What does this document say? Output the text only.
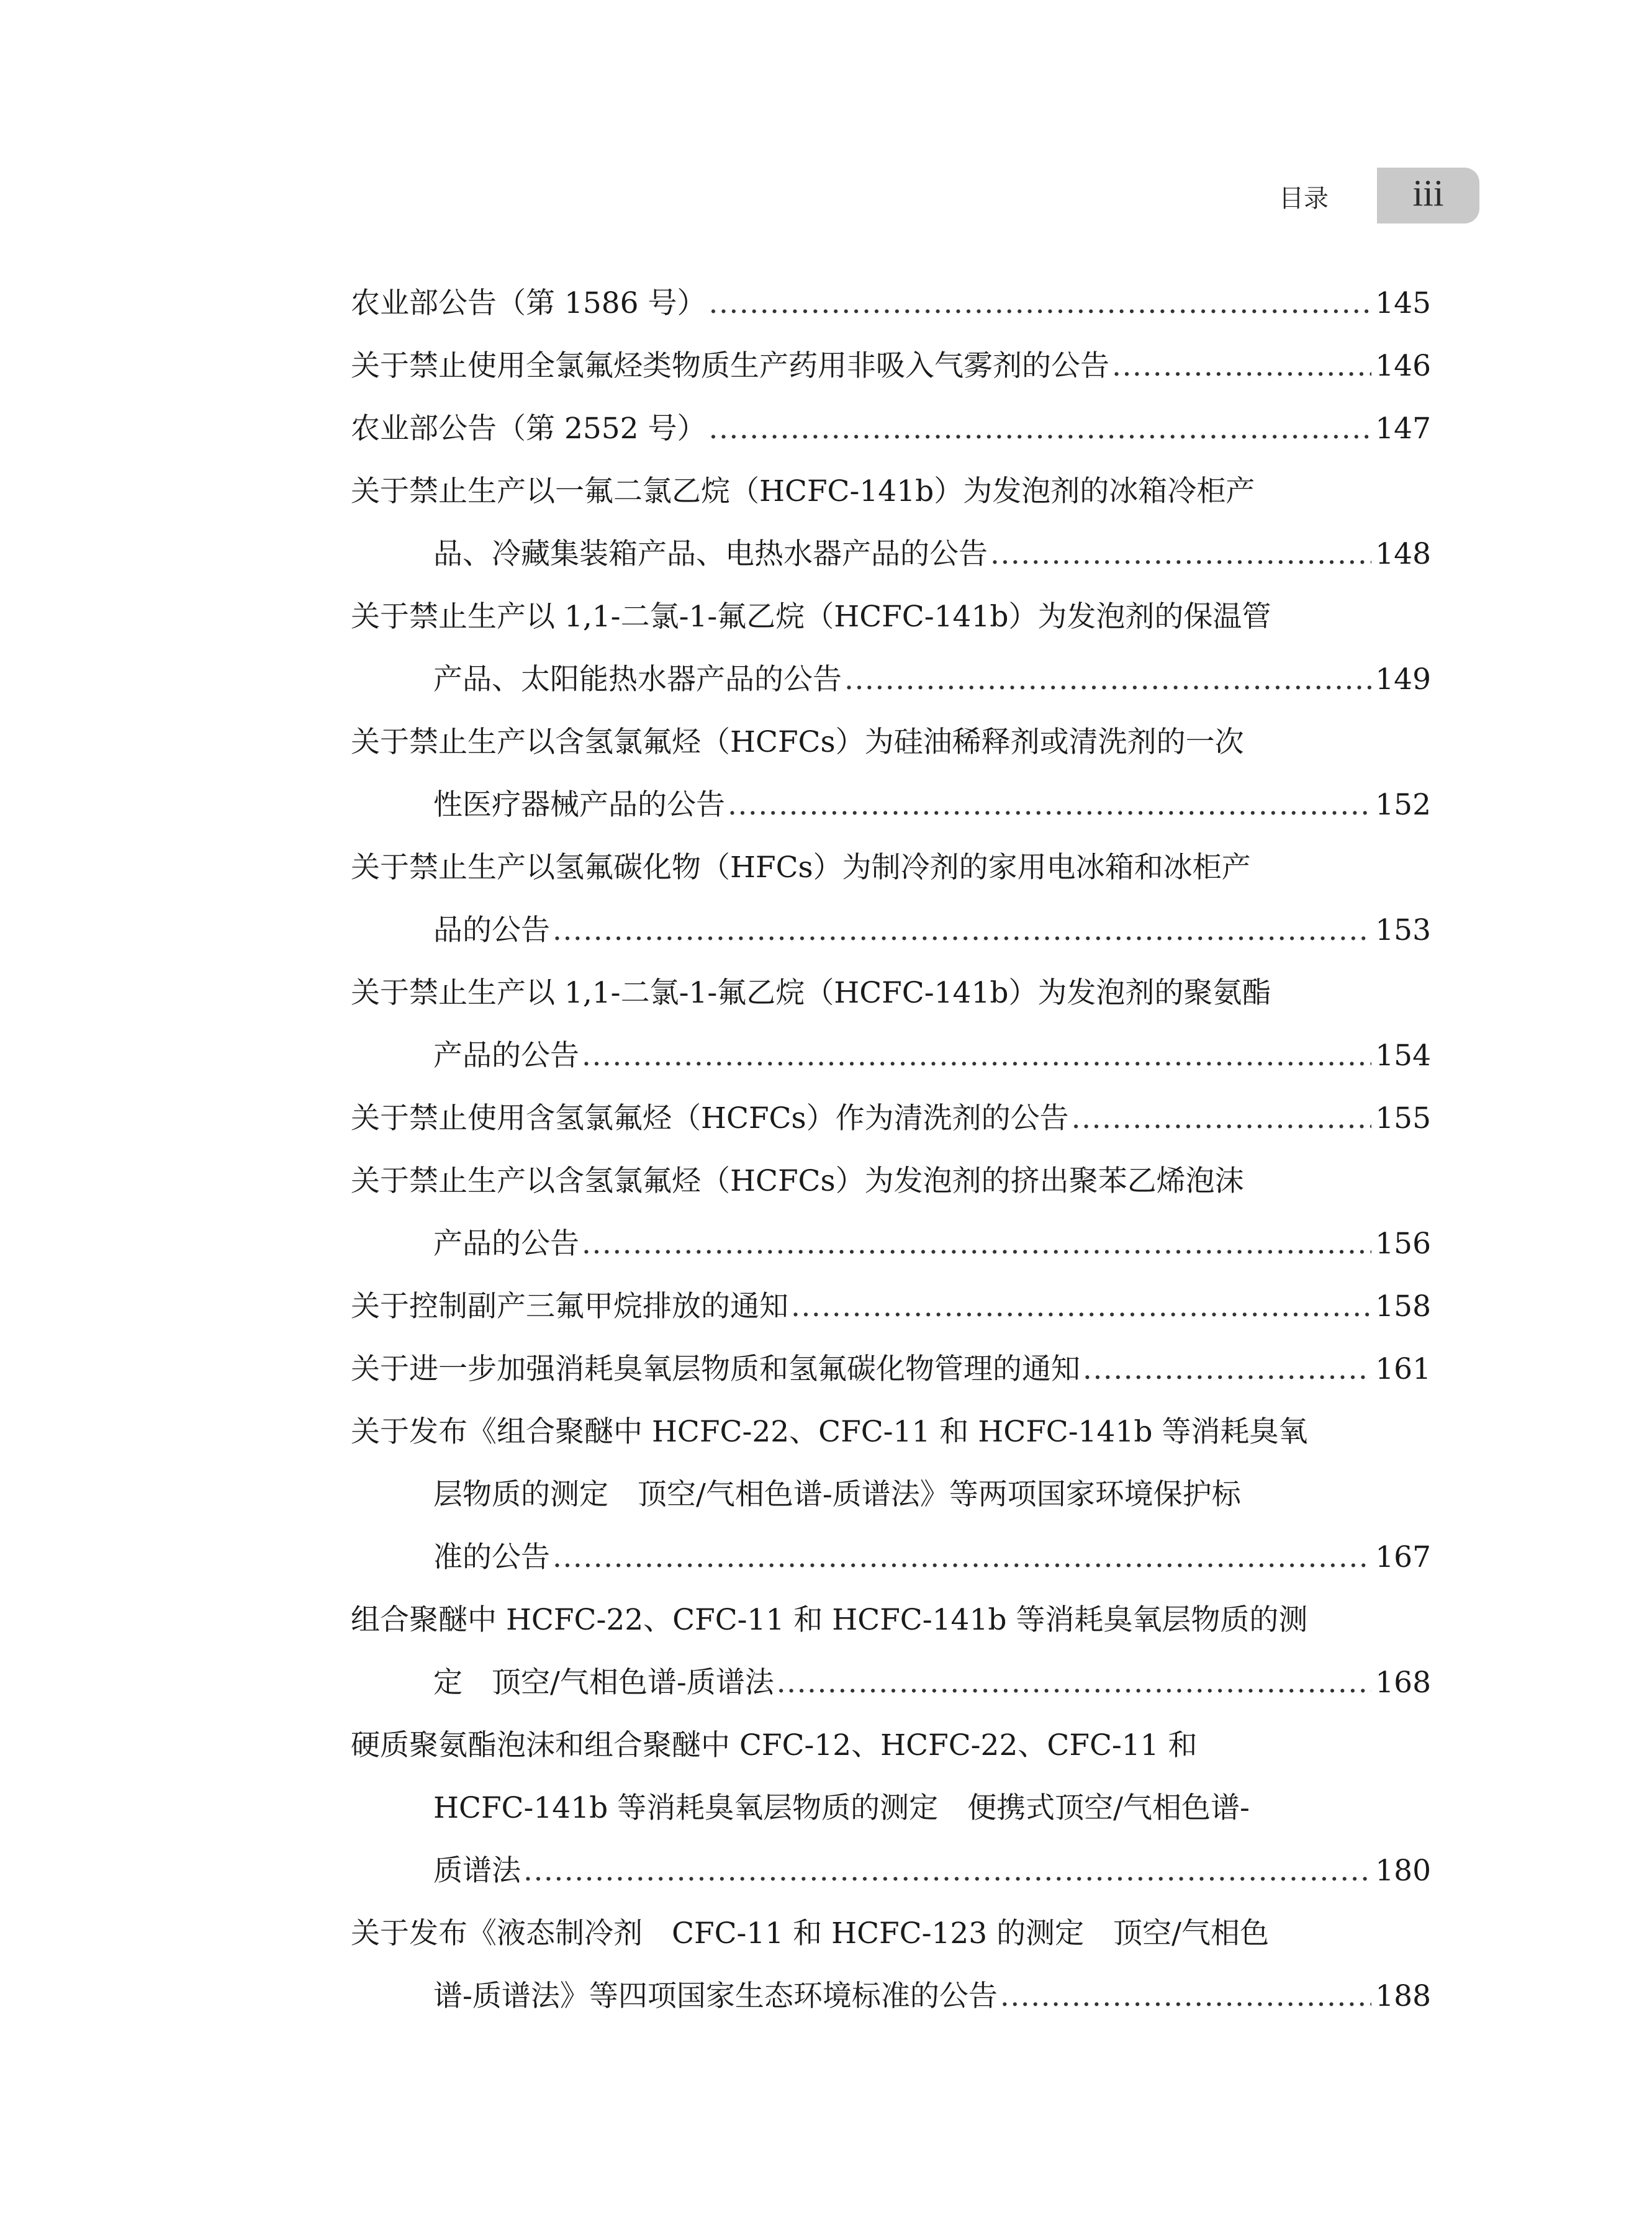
目录 iii
农业部公告（第 1586 号） .....	145
关于禁止使用全氯氟烃类物质生产药用非吸入气雾剂的公告 .....	146
农业部公告（第 2552 号） .....	147
关于禁止生产以一氟二氯乙烷（HCFC-141b）为发泡剂的冰箱冷柜产
品、冷藏集装箱产品、电热水器产品的公告 .....	148
关于禁止生产以 1,1-二氯-1-氟乙烷（HCFC-141b）为发泡剂的保温管
产品、太阳能热水器产品的公告 .....	149
关于禁止生产以含氢氯氟烃（HCFCs）为硅油稀释剂或清洗剂的一次
性医疗器械产品的公告 .....	152
关于禁止生产以氢氟碳化物（HFCs）为制冷剂的家用电冰箱和冰柜产
品的公告 .....	153
关于禁止生产以 1,1-二氯-1-氟乙烷（HCFC-141b）为发泡剂的聚氨酯
产品的公告 .....	154
关于禁止使用含氢氯氟烃（HCFCs）作为清洗剂的公告 .....	155
关于禁止生产以含氢氯氟烃（HCFCs）为发泡剂的挤出聚苯乙烯泡沫
产品的公告 .....	156
关于控制副产三氟甲烷排放的通知 .....	158
关于进一步加强消耗臭氧层物质和氢氟碳化物管理的通知 .....	161
关于发布《组合聚醚中 HCFC-22、CFC-11 和 HCFC-141b 等消耗臭氧
层物质的测定　顶空/气相色谱-质谱法》等两项国家环境保护标
准的公告 .....	167
组合聚醚中 HCFC-22、CFC-11 和 HCFC-141b 等消耗臭氧层物质的测
定　顶空/气相色谱-质谱法 .....	168
硬质聚氨酯泡沫和组合聚醚中 CFC-12、HCFC-22、CFC-11 和
HCFC-141b 等消耗臭氧层物质的测定　便携式顶空/气相色谱-
质谱法 .....	180
关于发布《液态制冷剂　CFC-11 和 HCFC-123 的测定　顶空/气相色
谱-质谱法》等四项国家生态环境标准的公告 .....	188
